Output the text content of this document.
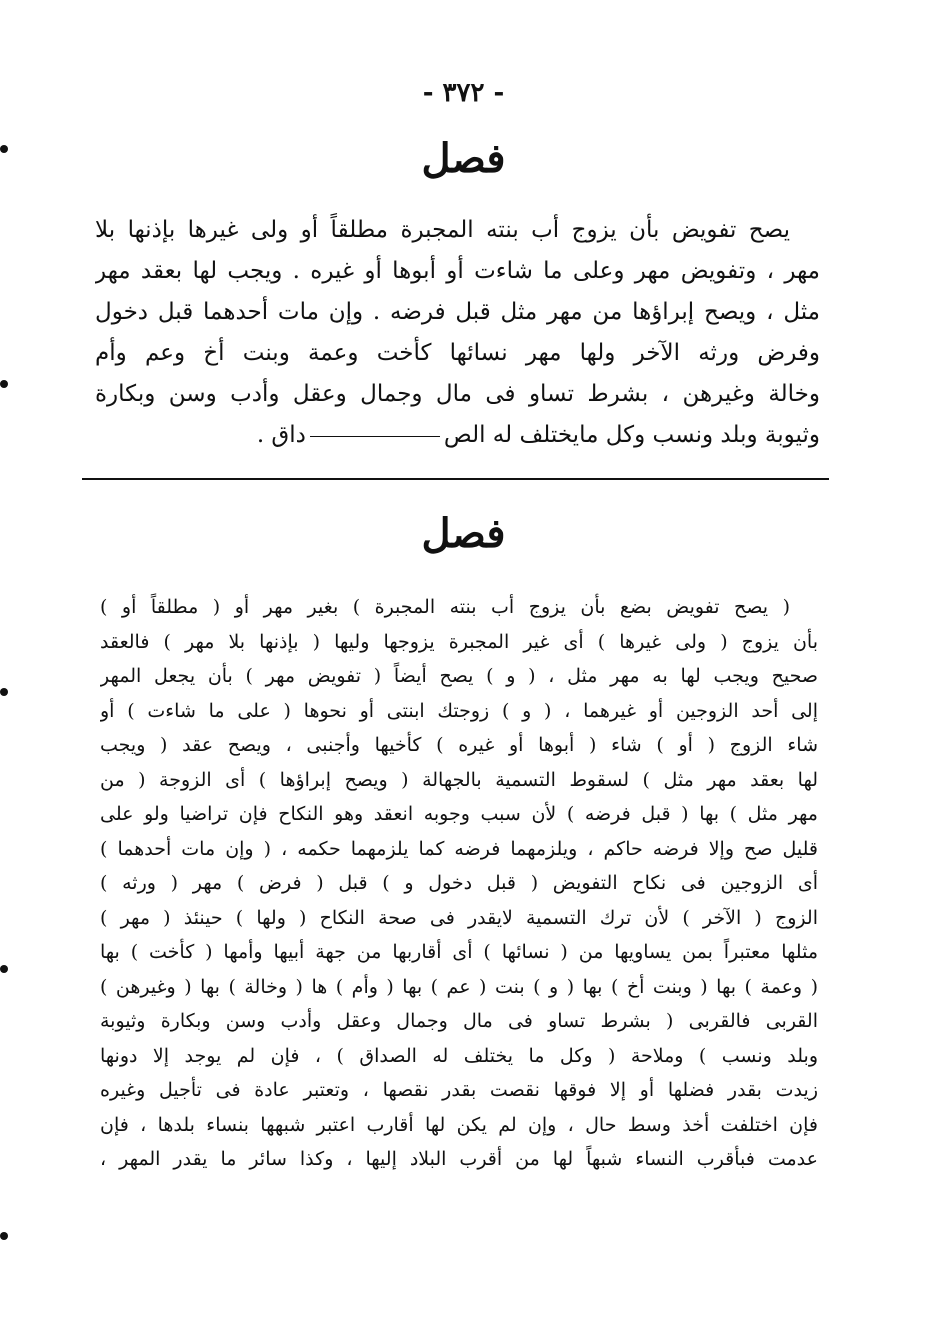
- ٣٧٢ -
فصل
يصح تفويض بأن يزوج أب بنته المجبرة مطلقاً أو ولى غيرها بإذنها بلا
مهر ، وتفويض مهر وعلى ما شاءت أو أبوها أو غيره . ويجب لها بعقد مهر
مثل ، ويصح إبراؤها من مهر مثل قبل فرضه . وإن مات أحدهما قبل دخول
وفرض ورثه الآخر ولها مهر نسائها كأخت وعمة وبنت أخ وعم وأم
وخالة وغيرهن ، بشرط تساو فى مال وجمال وعقل وأدب وسن وبكارة
وثيوبة وبلد ونسب وكل مايختلف له الصداق .
فصل
( يصح تفويض بضع بأن يزوج أب بنته المجبرة ) بغير مهر أو ( مطلقاً أو )
بأن يزوج ( ولى غيرها ) أى غير المجبرة يزوجها وليها ( بإذنها بلا مهر ) فالعقد
صحيح ويجب لها به مهر مثل ، ( و ) يصح أيضاً ( تفويض مهر ) بأن يجعل المهر
إلى أحد الزوجين أو غيرهما ، ( و ) زوجتك ابنتى أو نحوها ( على ما شاءت ) أو
شاء الزوج ( أو ) شاء ( أبوها أو غيره ) كأخيها وأجنبى ، ويصح عقد ( ويجب
لها بعقد مهر مثل ) لسقوط التسمية بالجهالة ( ويصح إبراؤها ) أى الزوجة ( من
مهر مثل ) بها ( قبل فرضه ) لأن سبب وجوبه انعقد وهو النكاح فإن تراضيا ولو على
قليل صح وإلا فرضه حاكم ، ويلزمهما فرضه كما يلزمهما حكمه ، ( وإن مات أحدهما )
أى الزوجين فى نكاح التفويض ( قبل دخول و ) قبل ( فرض ) مهر ( ورثه )
الزوج ( الآخر ) لأن ترك التسمية لايقدر فى صحة النكاح ( ولها ) حينئذ ( مهر )
مثلها معتبراً بمن يساويها من ( نسائها ) أى أقاربها من جهة أبيها وأمها ( كأخت ) بها
( وعمة ) بها ( وبنت أخ ) بها ( و ) بنت ( عم ) بها ( وأم ) ها ( وخالة ) بها ( وغيرهن )
القربى فالقربى ( بشرط تساو فى مال وجمال وعقل وأدب وسن وبكارة وثيوبة
وبلد ونسب ) وملاحة ( وكل ما يختلف له الصداق ) ، فإن لم يوجد إلا دونها
زيدت بقدر فضلها أو إلا فوقها نقصت بقدر نقصها ، وتعتبر عادة فى تأجيل وغيره
فإن اختلفت أخذ وسط حال ، وإن لم يكن لها أقارب اعتبر شبهها بنساء بلدها ، فإن
عدمت فبأقرب النساء شبهاً لها من أقرب البلاد إليها ، وكذا سائر ما يقدر المهر ،
